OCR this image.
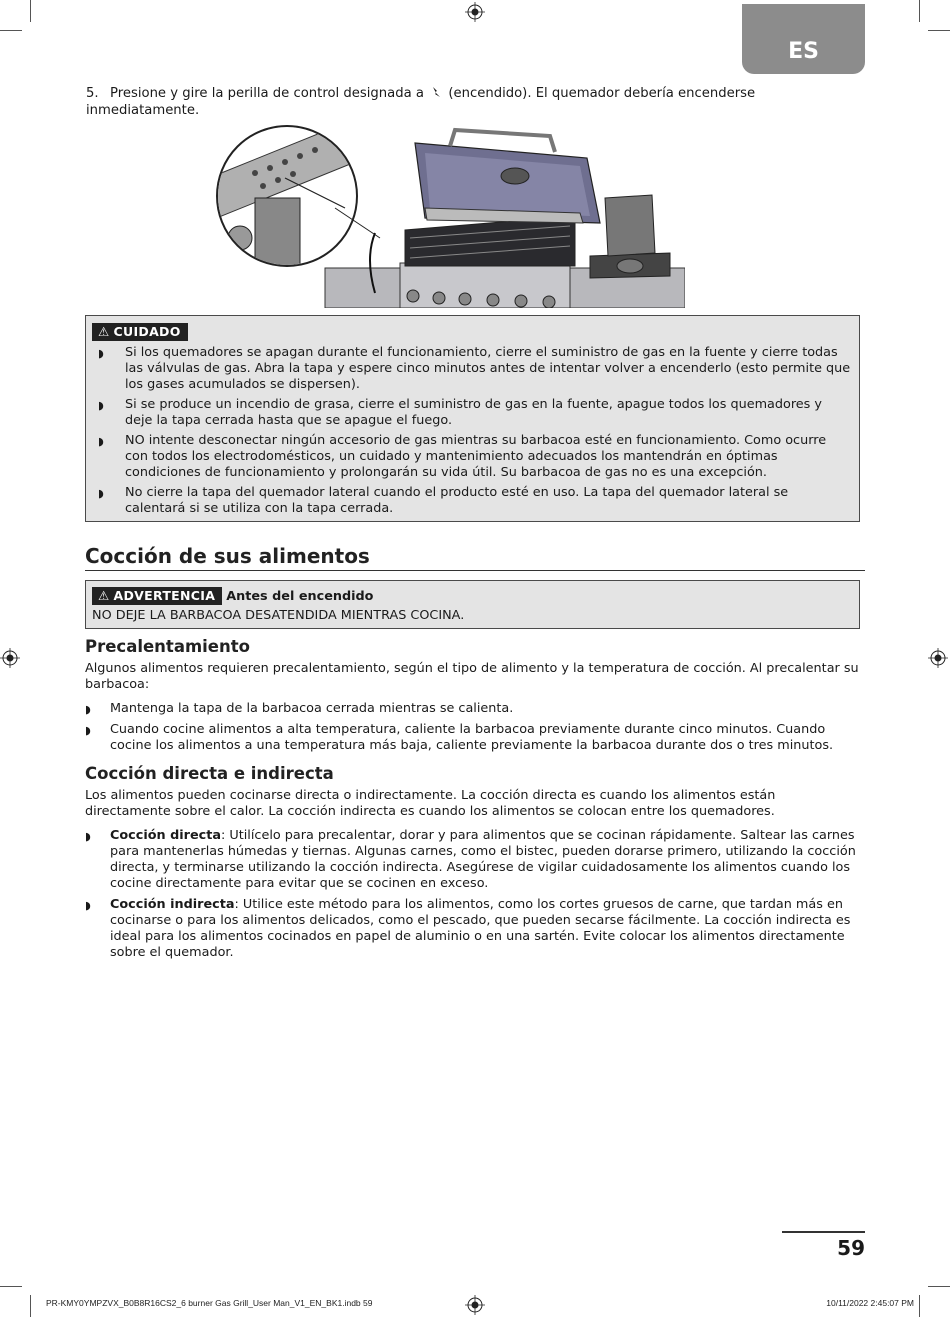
ES
5. Presione y gire la perilla de control designada a (encendido). El quemador debería encenderse inmediatamente.
⚠ CUIDADO
◗ Si los quemadores se apagan durante el funcionamiento, cierre el suministro de gas en la fuente y cierre todas las válvulas de gas. Abra la tapa y espere cinco minutos antes de intentar volver a encenderlo (esto permite que los gases acumulados se dispersen).
◗ Si se produce un incendio de grasa, cierre el suministro de gas en la fuente, apague todos los quemadores y deje la tapa cerrada hasta que se apague el fuego.
◗ NO intente desconectar ningún accesorio de gas mientras su barbacoa esté en funcionamiento. Como ocurre con todos los electrodomésticos, un cuidado y mantenimiento adecuados los mantendrán en óptimas condiciones de funcionamiento y prolongarán su vida útil. Su barbacoa de gas no es una excepción.
◗ No cierre la tapa del quemador lateral cuando el producto esté en uso. La tapa del quemador lateral se calentará si se utiliza con la tapa cerrada.
Cocción de sus alimentos
⚠ ADVERTENCIA Antes del encendido
NO DEJE LA BARBACOA DESATENDIDA MIENTRAS COCINA.
Precalentamiento
Algunos alimentos requieren precalentamiento, según el tipo de alimento y la temperatura de cocción. Al precalentar su barbacoa:
◗ Mantenga la tapa de la barbacoa cerrada mientras se calienta.
◗ Cuando cocine alimentos a alta temperatura, caliente la barbacoa previamente durante cinco minutos. Cuando cocine los alimentos a una temperatura más baja, caliente previamente la barbacoa durante dos o tres minutos.
Cocción directa e indirecta
Los alimentos pueden cocinarse directa o indirectamente. La cocción directa es cuando los alimentos están directamente sobre el calor. La cocción indirecta es cuando los alimentos se colocan entre los quemadores.
◗ Cocción directa: Utilícelo para precalentar, dorar y para alimentos que se cocinan rápidamente. Saltear las carnes para mantenerlas húmedas y tiernas. Algunas carnes, como el bistec, pueden dorarse primero, utilizando la cocción directa, y terminarse utilizando la cocción indirecta. Asegúrese de vigilar cuidadosamente los alimentos cuando los cocine directamente para evitar que se cocinen en exceso.
◗ Cocción indirecta: Utilice este método para los alimentos, como los cortes gruesos de carne, que tardan más en cocinarse o para los alimentos delicados, como el pescado, que pueden secarse fácilmente. La cocción indirecta es ideal para los alimentos cocinados en papel de aluminio o en una sartén. Evite colocar los alimentos directamente sobre el quemador.
59
PR-KMY0YMPZVX_B0B8R16CS2_6 burner Gas Grill_User Man_V1_EN_BK1.indb 59	10/11/2022 2:45:07 PM
